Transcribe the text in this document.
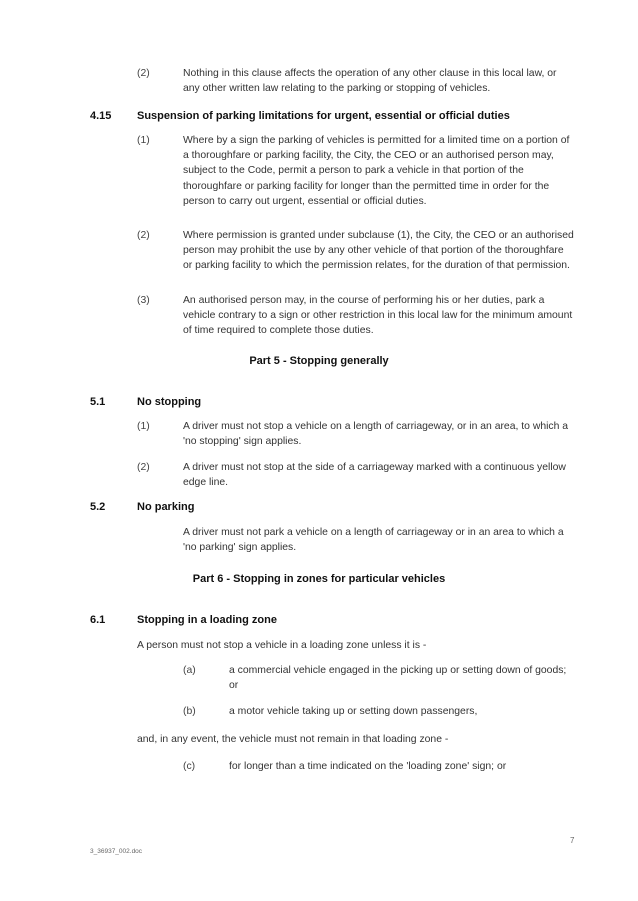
(2)	Nothing in this clause affects the operation of any other clause in this local law, or any other written law relating to the parking or stopping of vehicles.

4.15 Suspension of parking limitations for urgent, essential or official duties
(1)	Where by a sign the parking of vehicles is permitted for a limited time on a portion of a thoroughfare or parking facility, the City, the CEO or an authorised person may, subject to the Code, permit a person to park a vehicle in that portion of the thoroughfare or parking facility for longer than the permitted time in order for the person to carry out urgent, essential or official duties.

(2)	Where permission is granted under subclause (1), the City, the CEO or an authorised person may prohibit the use by any other vehicle of that portion of the thoroughfare or parking facility to which the permission relates, for the duration of that permission.

(3)	An authorised person may, in the course of performing his or her duties, park a vehicle contrary to a sign or other restriction in this local law for the minimum amount of time required to complete those duties.

Part 5 - Stopping generally
5.1	No stopping
(1)	A driver must not stop a vehicle on a length of carriageway, or in an area, to which a 'no stopping' sign applies.

(2)	A driver must not stop at the side of a carriageway marked with a continuous yellow edge line.

5.2	No parking

A driver must not park a vehicle on a length of carriageway or in an area to which a 'no parking' sign applies.

Part 6 - Stopping in zones for particular vehicles
6.1	Stopping in a loading zone

A person must not stop a vehicle in a loading zone unless it is -

(a)	a commercial vehicle engaged in the picking up or setting down of goods; or

(b)	a motor vehicle taking up or setting down passengers,

and, in any event, the vehicle must not remain in that loading zone -

(c)	for longer than a time indicated on the 'loading zone' sign; or

7
3_36937_002.doc
